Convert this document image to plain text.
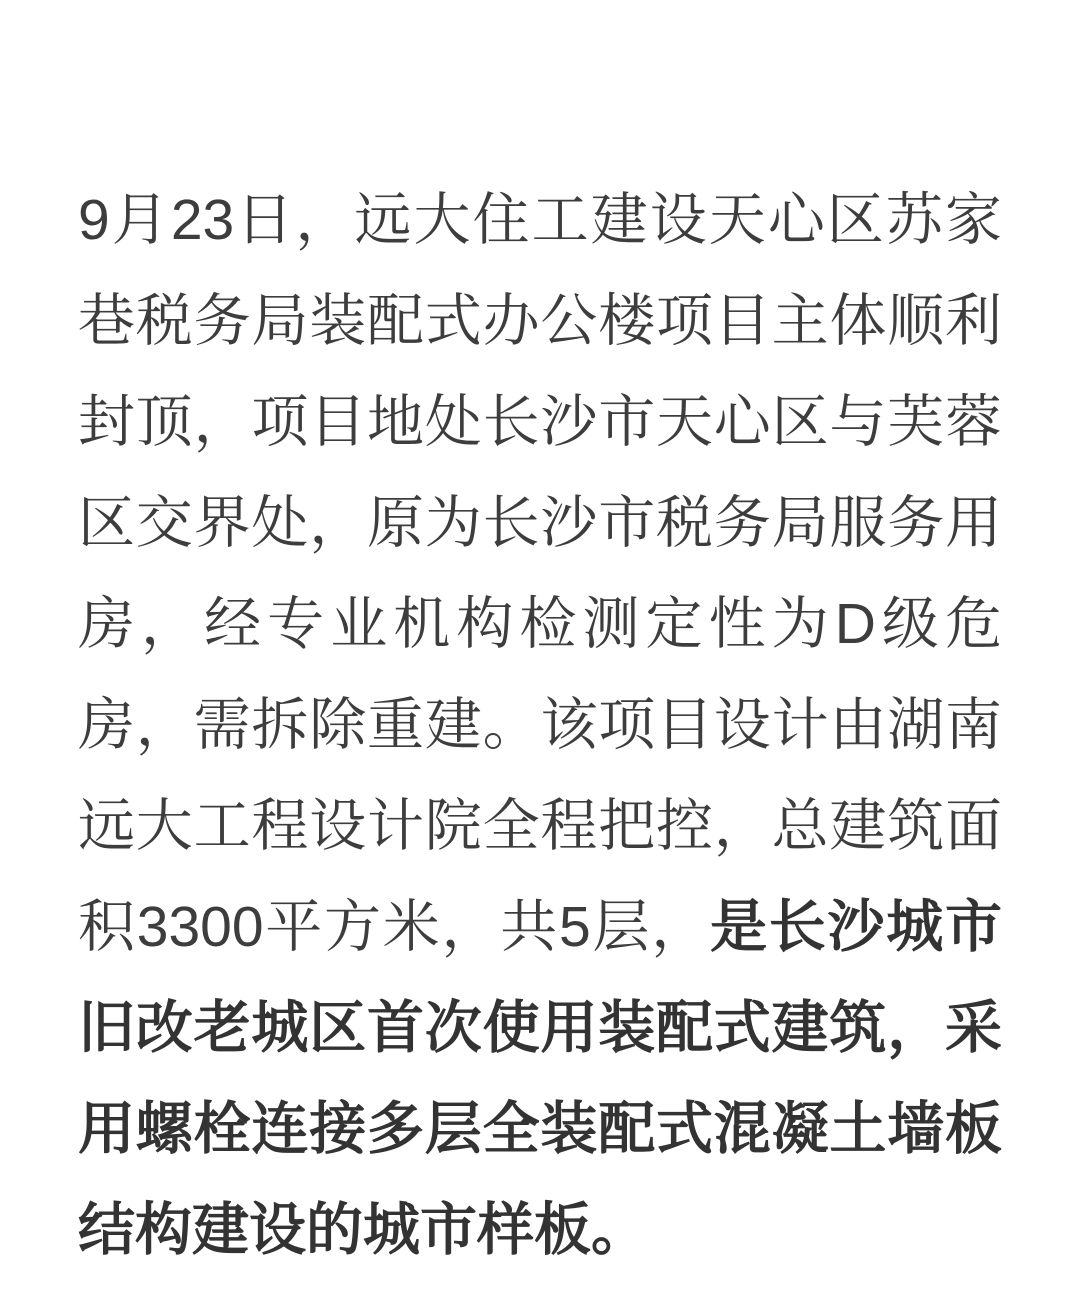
9月23日，远大住工建设天心区苏家巷税务局装配式办公楼项目主体顺利封顶，项目地处长沙市天心区与芙蓉区交界处，原为长沙市税务局服务用房，经专业机构检测定性为D级危房，需拆除重建。该项目设计由湖南远大工程设计院全程把控，总建筑面积3300平方米，共5层，是长沙城市旧改老城区首次使用装配式建筑，采用螺栓连接多层全装配式混凝土墙板结构建设的城市样板。
